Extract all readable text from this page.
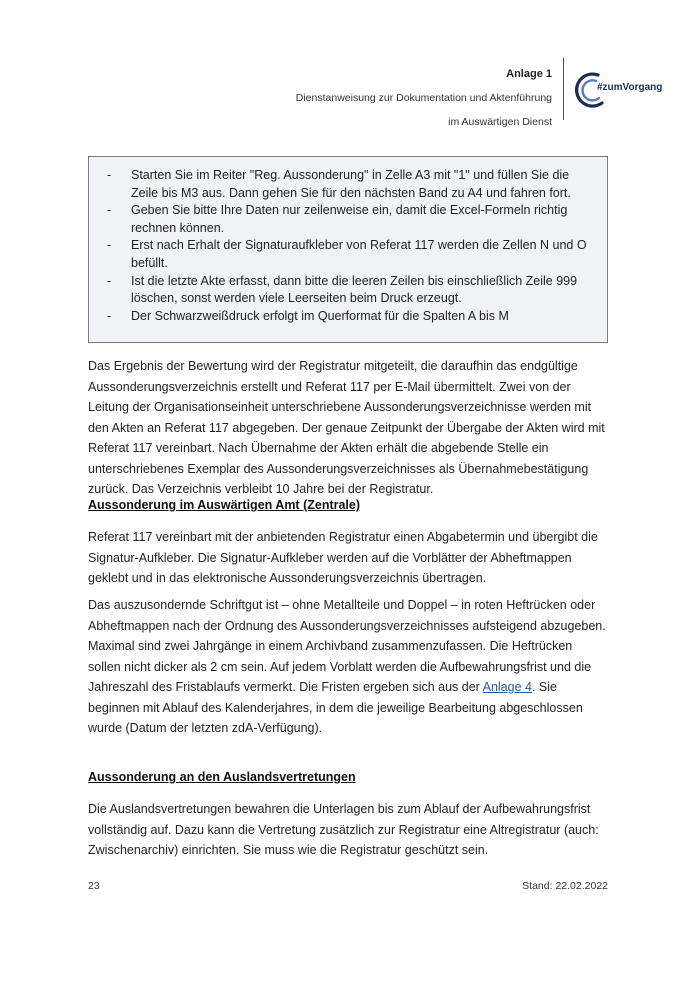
Anlage 1
Dienstanweisung zur Dokumentation und Aktenführung
im Auswärtigen Dienst
#zumVorgang
- Starten Sie im Reiter "Reg. Aussonderung" in Zelle A3 mit "1" und füllen Sie die Zeile bis M3 aus. Dann gehen Sie für den nächsten Band zu A4 und fahren fort.
- Geben Sie bitte Ihre Daten nur zeilenweise ein, damit die Excel-Formeln richtig rechnen können.
- Erst nach Erhalt der Signaturaufkleber von Referat 117 werden die Zellen N und O befüllt.
- Ist die letzte Akte erfasst, dann bitte die leeren Zeilen bis einschließlich Zeile 999 löschen, sonst werden viele Leerseiten beim Druck erzeugt.
- Der Schwarzweißdruck erfolgt im Querformat für die Spalten A bis M

Das Ergebnis der Bewertung wird der Registratur mitgeteilt, die daraufhin das endgültige Aussonderungsverzeichnis erstellt und Referat 117 per E-Mail übermittelt. Zwei von der Leitung der Organisationseinheit unterschriebene Aussonderungsverzeichnisse werden mit den Akten an Referat 117 abgegeben. Der genaue Zeitpunkt der Übergabe der Akten wird mit Referat 117 vereinbart. Nach Übernahme der Akten erhält die abgebende Stelle ein unterschriebenes Exemplar des Aussonderungsverzeichnisses als Übernahmebestätigung zurück. Das Verzeichnis verbleibt 10 Jahre bei der Registratur.

Aussonderung im Auswärtigen Amt (Zentrale)

Referat 117 vereinbart mit der anbietenden Registratur einen Abgabetermin und übergibt die Signatur-Aufkleber. Die Signatur-Aufkleber werden auf die Vorblätter der Abheftmappen geklebt und in das elektronische Aussonderungsverzeichnis übertragen.

Das auszusondernde Schriftgut ist – ohne Metallteile und Doppel – in roten Heftrücken oder Abheftmappen nach der Ordnung des Aussonderungsverzeichnisses aufsteigend abzugeben. Maximal sind zwei Jahrgänge in einem Archivband zusammenzufassen. Die Heftrücken sollen nicht dicker als 2 cm sein. Auf jedem Vorblatt werden die Aufbewahrungsfrist und die Jahreszahl des Fristablaufs vermerkt. Die Fristen ergeben sich aus der Anlage 4. Sie beginnen mit Ablauf des Kalenderjahres, in dem die jeweilige Bearbeitung abgeschlossen wurde (Datum der letzten zdA-Verfügung).

Aussonderung an den Auslandsvertretungen

Die Auslandsvertretungen bewahren die Unterlagen bis zum Ablauf der Aufbewahrungsfrist vollständig auf. Dazu kann die Vertretung zusätzlich zur Registratur eine Altregistratur (auch: Zwischenarchiv) einrichten. Sie muss wie die Registratur geschützt sein.

23	Stand: 22.02.2022
